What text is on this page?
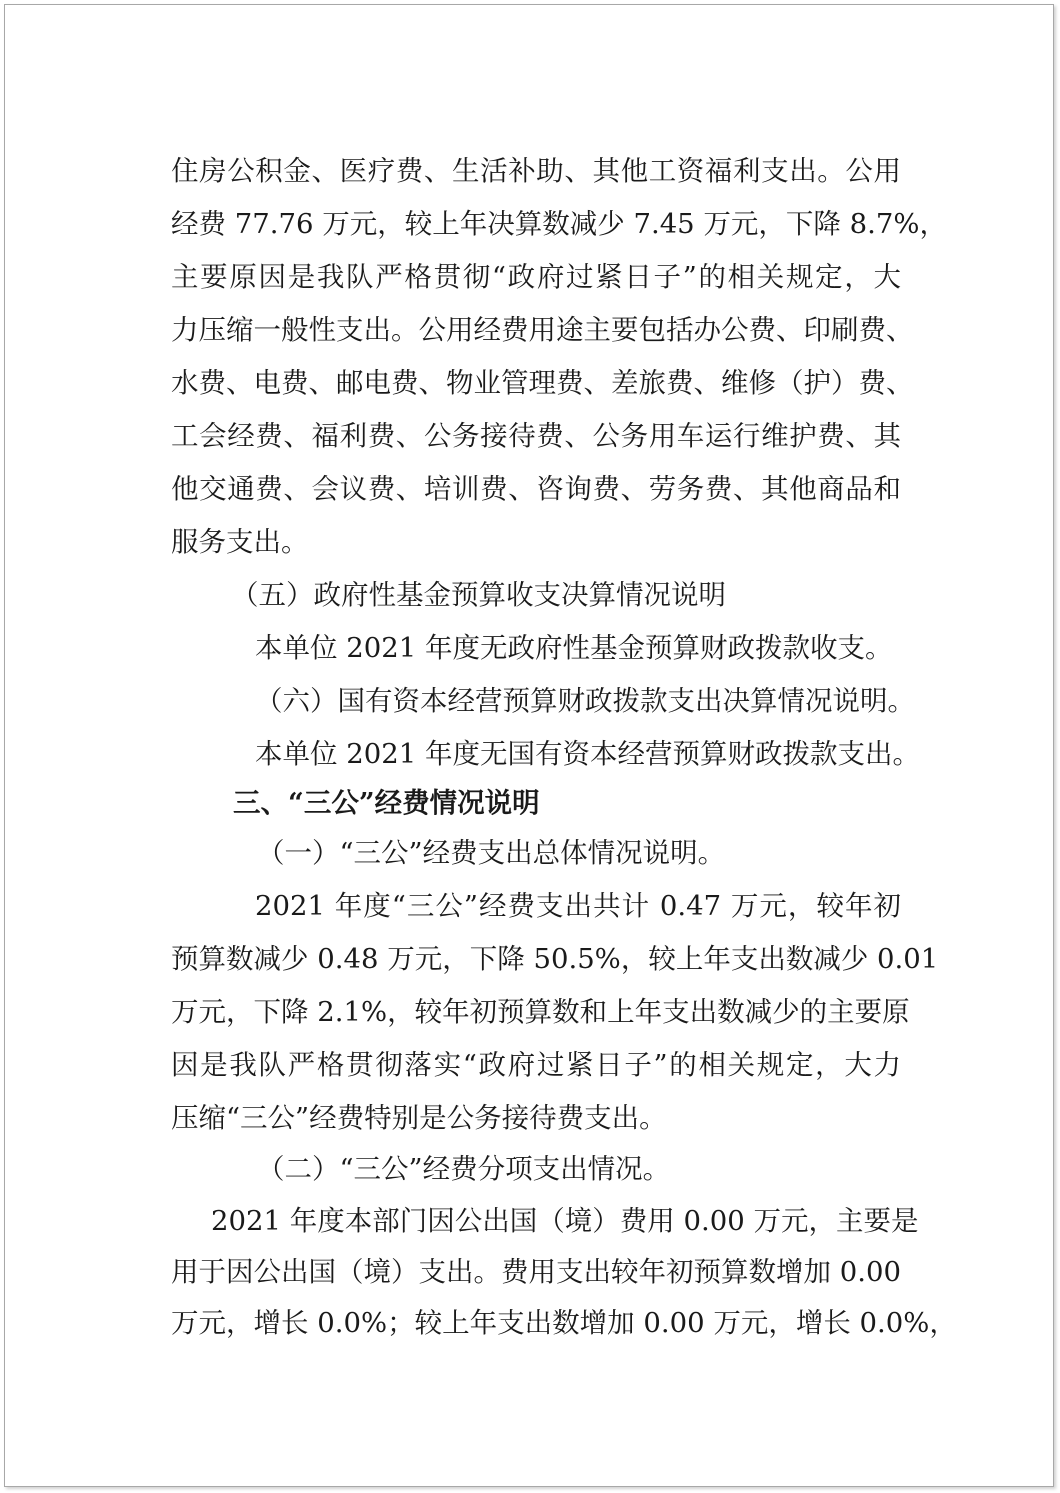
住房公积金、医疗费、生活补助、其他工资福利支出。公用
经费 77.76 万元，较上年决算数减少 7.45 万元，下降 8.7%，
主要原因是我队严格贯彻“政府过紧日子”的相关规定，大
力压缩一般性支出。公用经费用途主要包括办公费、印刷费、
水费、电费、邮电费、物业管理费、差旅费、维修（护）费、
工会经费、福利费、公务接待费、公务用车运行维护费、其
他交通费、会议费、培训费、咨询费、劳务费、其他商品和
服务支出。
（五）政府性基金预算收支决算情况说明
本单位 2021 年度无政府性基金预算财政拨款收支。
（六）国有资本经营预算财政拨款支出决算情况说明。
本单位 2021 年度无国有资本经营预算财政拨款支出。
三、“三公”经费情况说明
（一）“三公”经费支出总体情况说明。
2021 年度“三公”经费支出共计 0.47 万元，较年初
预算数减少 0.48 万元，下降 50.5%，较上年支出数减少 0.01
万元，下降 2.1%，较年初预算数和上年支出数减少的主要原
因是我队严格贯彻落实“政府过紧日子”的相关规定，大力
压缩“三公”经费特别是公务接待费支出。
（二）“三公”经费分项支出情况。
2021 年度本部门因公出国（境）费用 0.00 万元，主要是
用于因公出国（境）支出。费用支出较年初预算数增加 0.00
万元，增长 0.0%；较上年支出数增加 0.00 万元，增长 0.0%，
